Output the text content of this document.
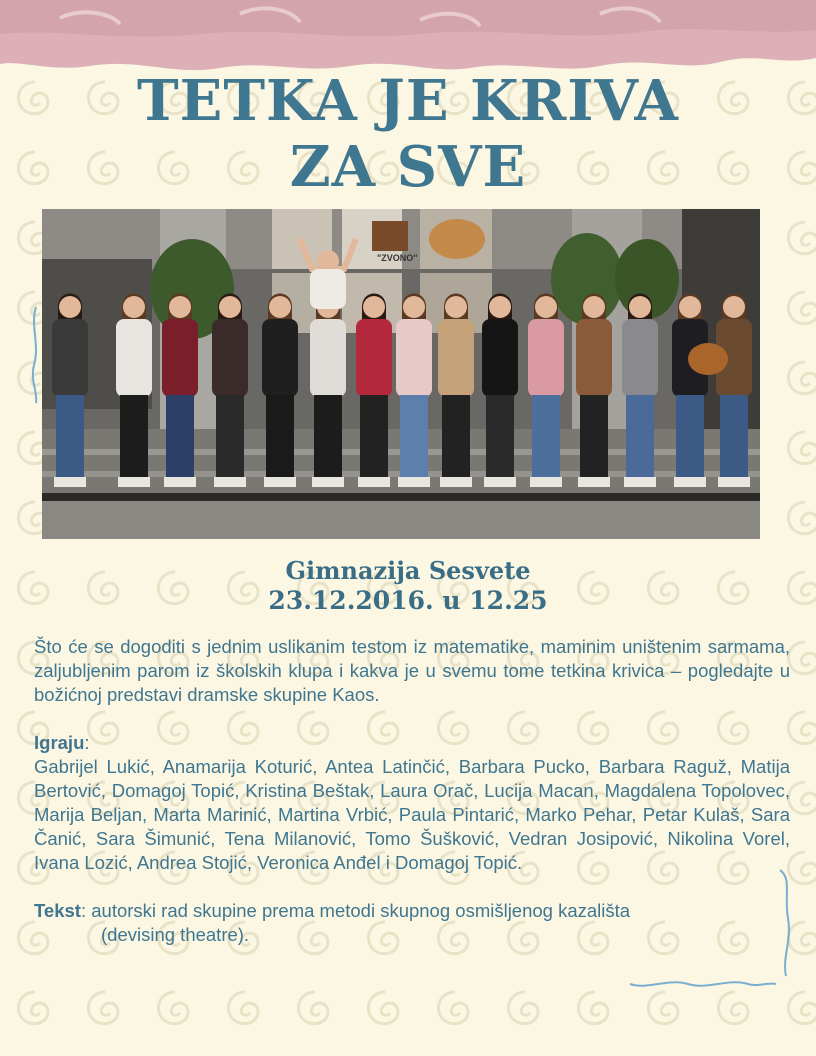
TETKA JE KRIVA
ZA SVE
"ZVONO"
Gimnazija Sesvete
23.12.2016. u 12.25

Što će se dogoditi s jednim uslikanim testom iz matematike, maminim uništenim sarmama, zaljubljenim parom iz školskih klupa i kakva je u svemu tome tetkina krivica – pogledajte u božićnoj predstavi dramske skupine Kaos.

Igraju:

Gabrijel Lukić, Anamarija Koturić, Antea Latinčić, Barbara Pucko, Barbara Raguž, Matija Bertović, Domagoj Topić, Kristina Beštak, Laura Orač, Lucija Macan, Magdalena Topolovec, Marija Beljan, Marta Marinić, Martina Vrbić, Paula Pintarić, Marko Pehar, Petar Kulaš, Sara Čanić, Sara Šimunić, Tena Milanović, Tomo Šušković, Vedran Josipović, Nikolina Vorel, Ivana Lozić, Andrea Stojić, Veronica Anđel i Domagoj Topić.

Tekst: autorski rad skupine prema metodi skupnog osmišljenog kazališta

(devising theatre).
